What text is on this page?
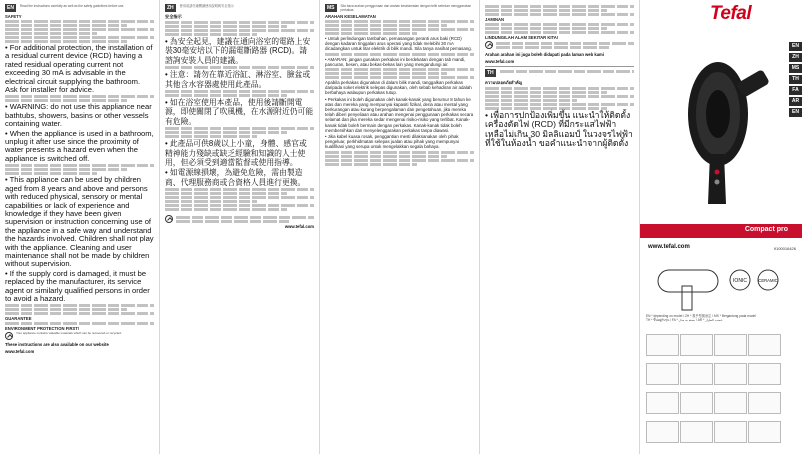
EN	Read the instructions carefully as well as the safety guidelines before use.
SAFETY
• For additional protection, the installation of a residual current device (RCD) having a rated residual operating current not exceeding 30 mA is advisable in the electrical circuit supplying the bathroom. Ask for installer for advice.
• WARNING: do not use this appliance near bathtubs, showers, basins or other vessels containing water.
• When the appliance is used in a bathroom, unplug it after use since the proximity of water presents a hazard even when the appliance is switched off.
• This appliance can be used by children aged from 8 years and above and persons with reduced physical, sensory or mental capabilities or lack of experience and knowledge if they have been given supervision or instruction concerning use of the appliance in a safe way and understand the hazards involved. Children shall not play with the appliance. Cleaning and user maintenance shall not be made by children without supervision.
• If the supply cord is damaged, it must be replaced by the manufacturer, its service agent or similarly qualified persons in order to avoid a hazard.
GUARANTEE
ENVIRONMENT PROTECTION FIRST!
Your appliance contains valuable materials which can be recovered or recycled.
These instructions are also available on our website
www.tefal.com
ZH	使用前請仔細閱讀使用說明與安全指示
安全指示
• 為安全起見，建議在通向浴室的電路上安裝30毫安培以下的漏電斷路器 (RCD)。請諮詢安裝人員的建議。
• 注意：請勿在靠近浴缸、淋浴室、臉盆或其他含水容器處使用此產品。
• 如在浴室使用本產品，使用後請斷開電源，即使關閉了吹風機，在水源附近仍可能有危險。
• 此產品可供8歲以上小童，身體、感官或精神能力殘缺或缺乏經驗和知識的人士使用，但必須受到適當監督或使用指導。
• 如電源線損壞，為避免危險，需由製造商、代理服務商或合資格人員進行更換。
www.tefal.com
MS	Sila baca arahan penggunaan dan arahan keselamatan dengan teliti sebelum menggunakan perkakas
ARAHAN KESELAMATAN
• Untuk perlindungan tambahan, pemasangan peranti arus baki (RCD) dengan kadaran tinggalan arus operasi yang tidak melebihi 30 mA dicadangkan untuk litar elektrik di bilik mandi. Sila tanya nasihat pemasang.
• AMARAN: jangan gunakan perkakas ini berdekatan dengan tab mandi, pancuran, besen, atau bekas-bekas lain yang mengandungi air.
Apabila perkakas digunakan di dalam bilik mandi, tanggalkan perkakas daripada soket elektrik selepas digunakan, oleh sebab kehadiran air adalah berbahaya walaupun perkakas tutup.
• Perkakas ini boleh digunakan oleh kanak-kanak yang berumur 8 tahun ke atas dan mereka yang mempunyai kapasiti fizikal, deria atau mental yang berkurangan atau kurang berpengalaman dan pengetahuan, jika mereka telah diberi penyeliaan atau arahan mengenai penggunaan perkakas secara selamat dan jika mereka sedar mengenai risiko-risiko yang terlibat. Kanak-kanak tidak boleh bermain dengan perkakas. Kanak-kanak tidak boleh membersihkan dan menyelenggarakan perkakas tanpa diawasi.
• Jika kabel kuasa rosak, penggantian mesti dilaksanakan oleh pihak pengeluar, perkhidmatan selepas jualan atau pihak yang mempunyai kualifikasi yang serupa untuk mengelakkan segala bahaya.
JAMINAN
LINDUNGILAH ALAM SEKITAR KITA!
Arahan arahan ini juga boleh didapati pada laman web kami
www.tefal.com
TH
ความปลอดภัยสำคัญ
• เพื่อการปกป้องเพิ่มขึ้น แนะนำให้ติดตั้งเครื่องตัดไฟ (RCD) ที่มีกระแสไฟฟ้าเหลือไม่เกิน 30 มิลลิแอมป์ ในวงจรไฟฟ้าที่ใช้ในห้องน้ำ ขอคำแนะนำจากผู้ติดตั้ง
Tefal
EN
ZH
MS
TH
FA
AR
EN
Compact pro
www.tefal.com	9100016426
IONIC	CERAMIC
EN * depending on model / ZH * 視乎型號而定 / MS * Bergantung pada model
TH * ขึ้นอยู่กับรุ่น / FA * بسته به مدل / AR * حسب الطراز
